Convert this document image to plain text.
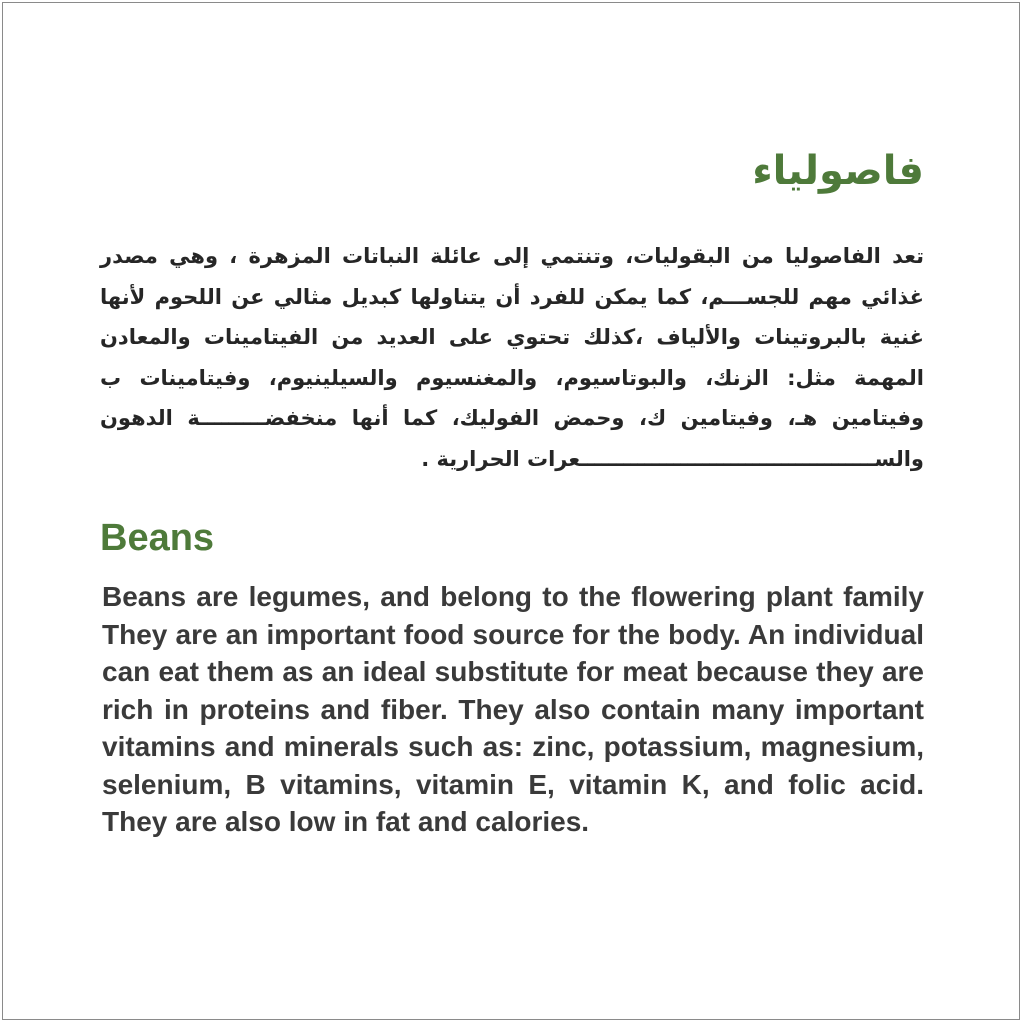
فاصولياء

تعد الفاصوليا من البقوليات، وتنتمي إلى عائلة النباتات المزهرة ، وهي مصدر غذائي مهم للجســـم، كما يمكن للفرد أن يتناولها كبديل مثالي عن اللحوم لأنها غنية بالبروتينات والألياف ،كذلك تحتوي على العديد من الفيتامينات والمعادن المهمة مثل: الزنك، والبوتاسيوم، والمغنسيوم والسيلينيوم، وفيتامينات ب وفيتامين هـ، وفيتامين ك، وحمض الفوليك، كما أنها منخفضـــــــــة الدهون والســـــــــــــــــــــــــــــــــــــــــعرات الحرارية .

Beans

Beans are legumes, and belong to the flowering plant family They are an important food source for the body. An individual can eat them as an ideal substitute for meat because they are rich in proteins and fiber. They also contain many important vitamins and minerals such as: zinc, potassium, magnesium, selenium, B vitamins, vitamin E, vitamin K, and folic acid. They are also low in fat and calories.
